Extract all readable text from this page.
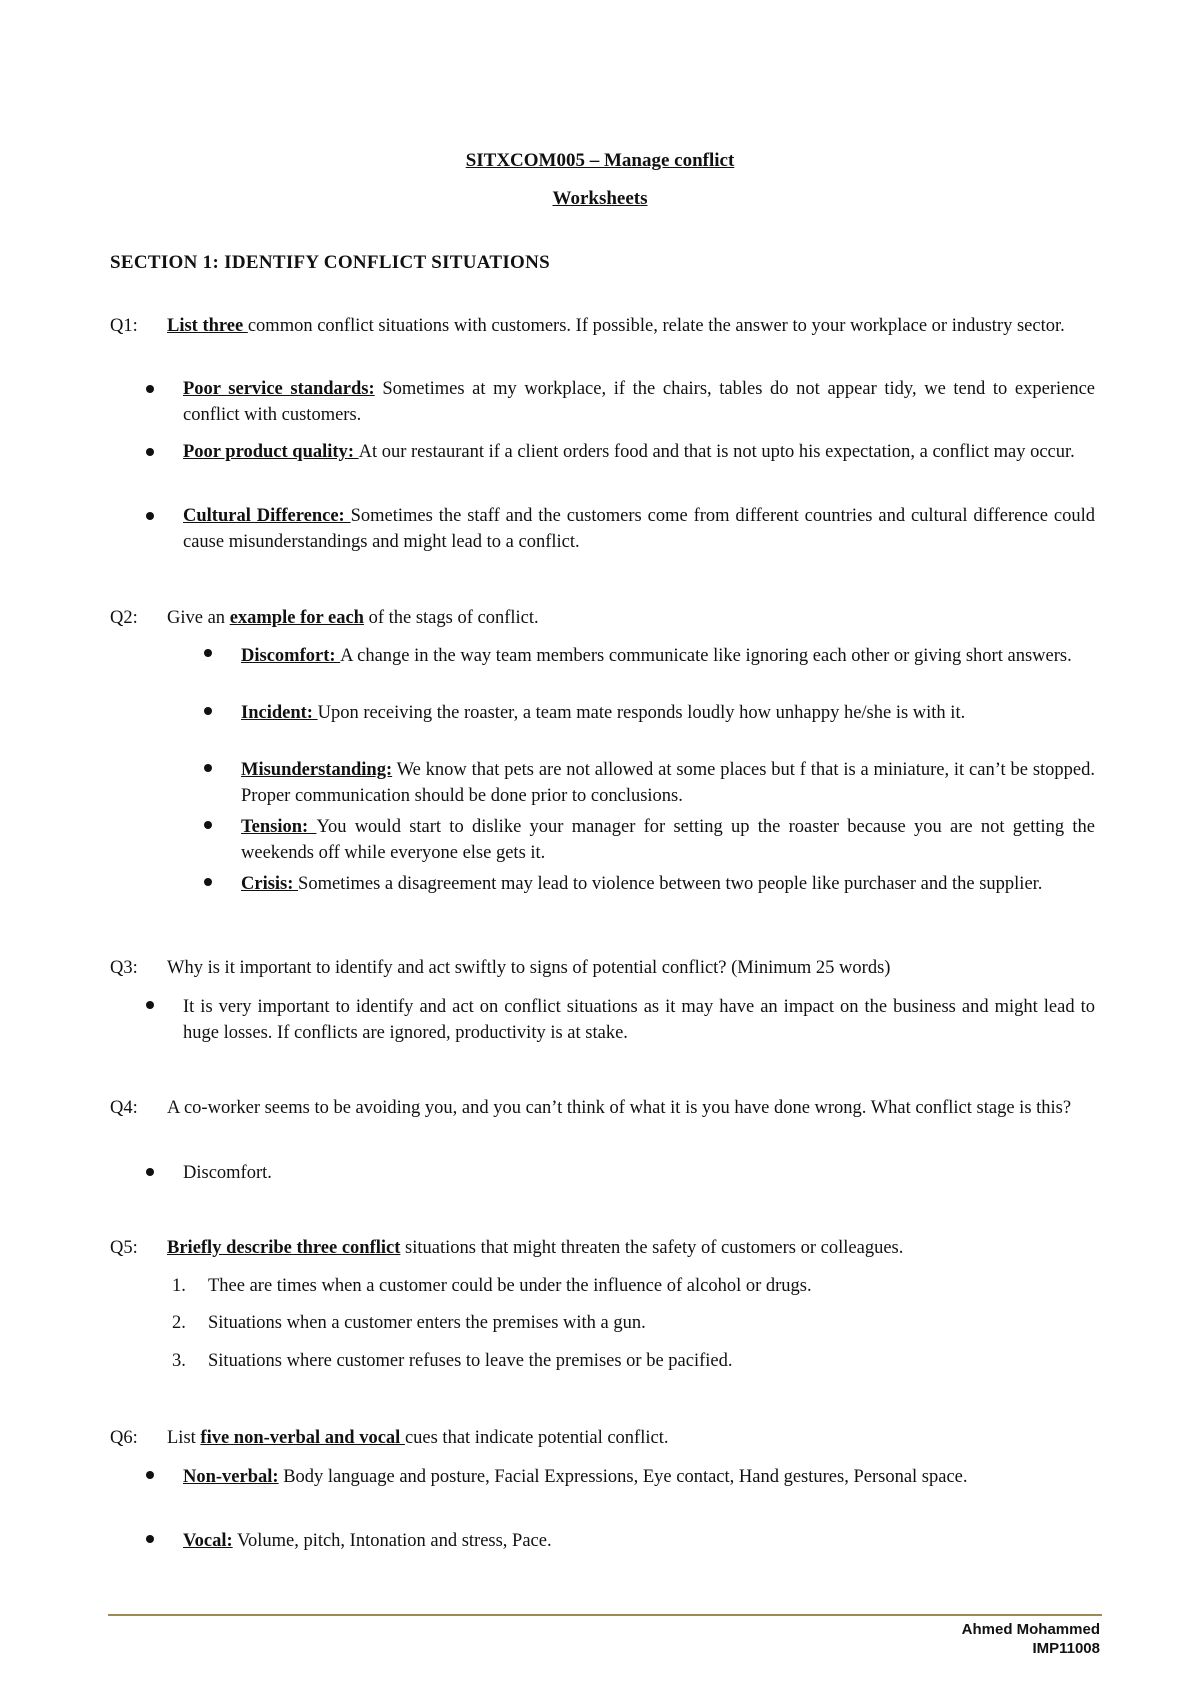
SITXCOM005 – Manage conflict
Worksheets
SECTION 1: IDENTIFY CONFLICT SITUATIONS
Q1: List three common conflict situations with customers. If possible, relate the answer to your workplace or industry sector.
Poor service standards: Sometimes at my workplace, if the chairs, tables do not appear tidy, we tend to experience conflict with customers.
Poor product quality: At our restaurant if a client orders food and that is not upto his expectation, a conflict may occur.
Cultural Difference: Sometimes the staff and the customers come from different countries and cultural difference could cause misunderstandings and might lead to a conflict.
Q2: Give an example for each of the stags of conflict.
Discomfort: A change in the way team members communicate like ignoring each other or giving short answers.
Incident: Upon receiving the roaster, a team mate responds loudly how unhappy he/she is with it.
Misunderstanding: We know that pets are not allowed at some places but f that is a miniature, it can’t be stopped. Proper communication should be done prior to conclusions.
Tension: You would start to dislike your manager for setting up the roaster because you are not getting the weekends off while everyone else gets it.
Crisis: Sometimes a disagreement may lead to violence between two people like purchaser and the supplier.
Q3: Why is it important to identify and act swiftly to signs of potential conflict? (Minimum 25 words)
It is very important to identify and act on conflict situations as it may have an impact on the business and might lead to huge losses. If conflicts are ignored, productivity is at stake.
Q4: A co-worker seems to be avoiding you, and you can’t think of what it is you have done wrong. What conflict stage is this?
Discomfort.
Q5: Briefly describe three conflict situations that might threaten the safety of customers or colleagues.
1. Thee are times when a customer could be under the influence of alcohol or drugs.
2. Situations when a customer enters the premises with a gun.
3. Situations where customer refuses to leave the premises or be pacified.
Q6: List five non-verbal and vocal cues that indicate potential conflict.
Non-verbal: Body language and posture, Facial Expressions, Eye contact, Hand gestures, Personal space.
Vocal: Volume, pitch, Intonation and stress, Pace.
Ahmed Mohammed
IMP11008
